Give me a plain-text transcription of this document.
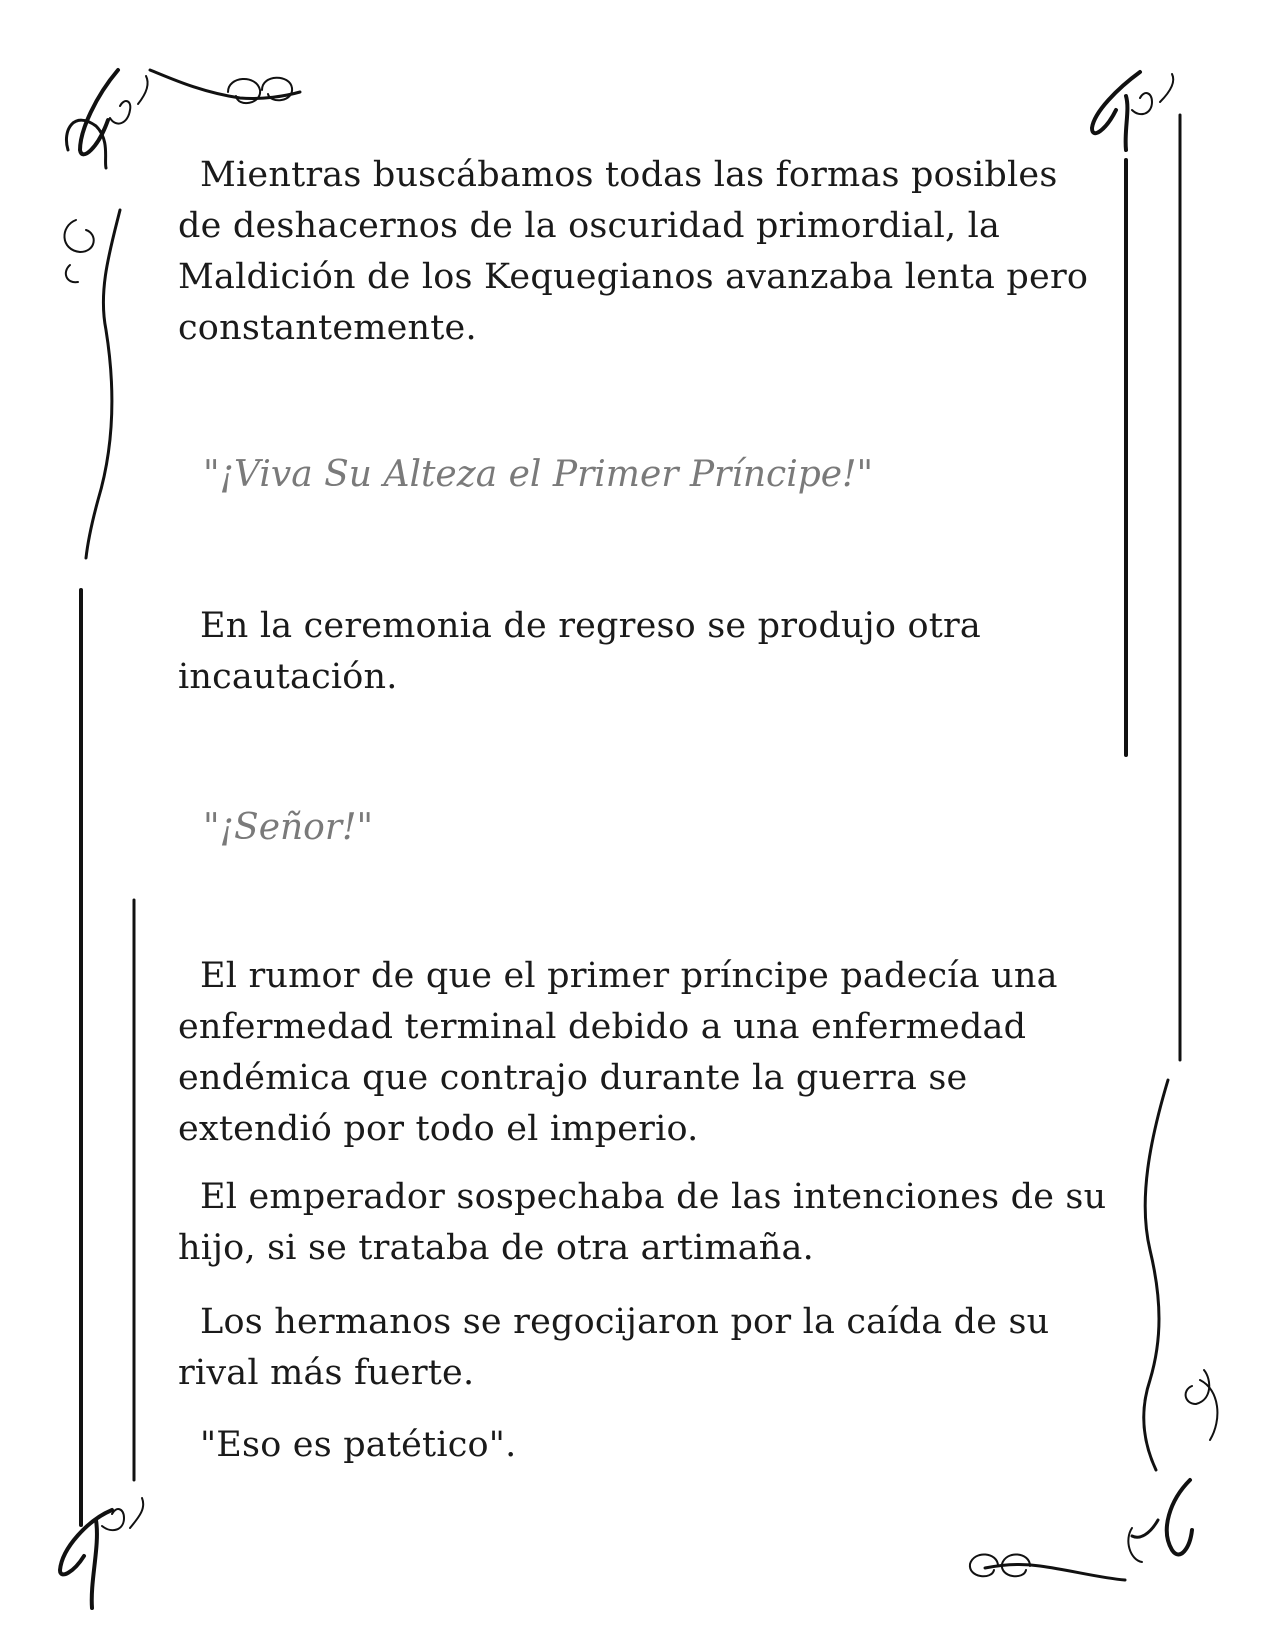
Mientras buscábamos todas las formas posibles de deshacernos de la oscuridad primordial, la Maldición de los Kequegianos avanzaba lenta pero constantemente.

"¡Viva Su Alteza el Primer Príncipe!"

En la ceremonia de regreso se produjo otra incautación.

"¡Señor!"

El rumor de que el primer príncipe padecía una enfermedad terminal debido a una enfermedad endémica que contrajo durante la guerra se extendió por todo el imperio.

El emperador sospechaba de las intenciones de su hijo, si se trataba de otra artimaña.

Los hermanos se regocijaron por la caída de su rival más fuerte.

"Eso es patético".
